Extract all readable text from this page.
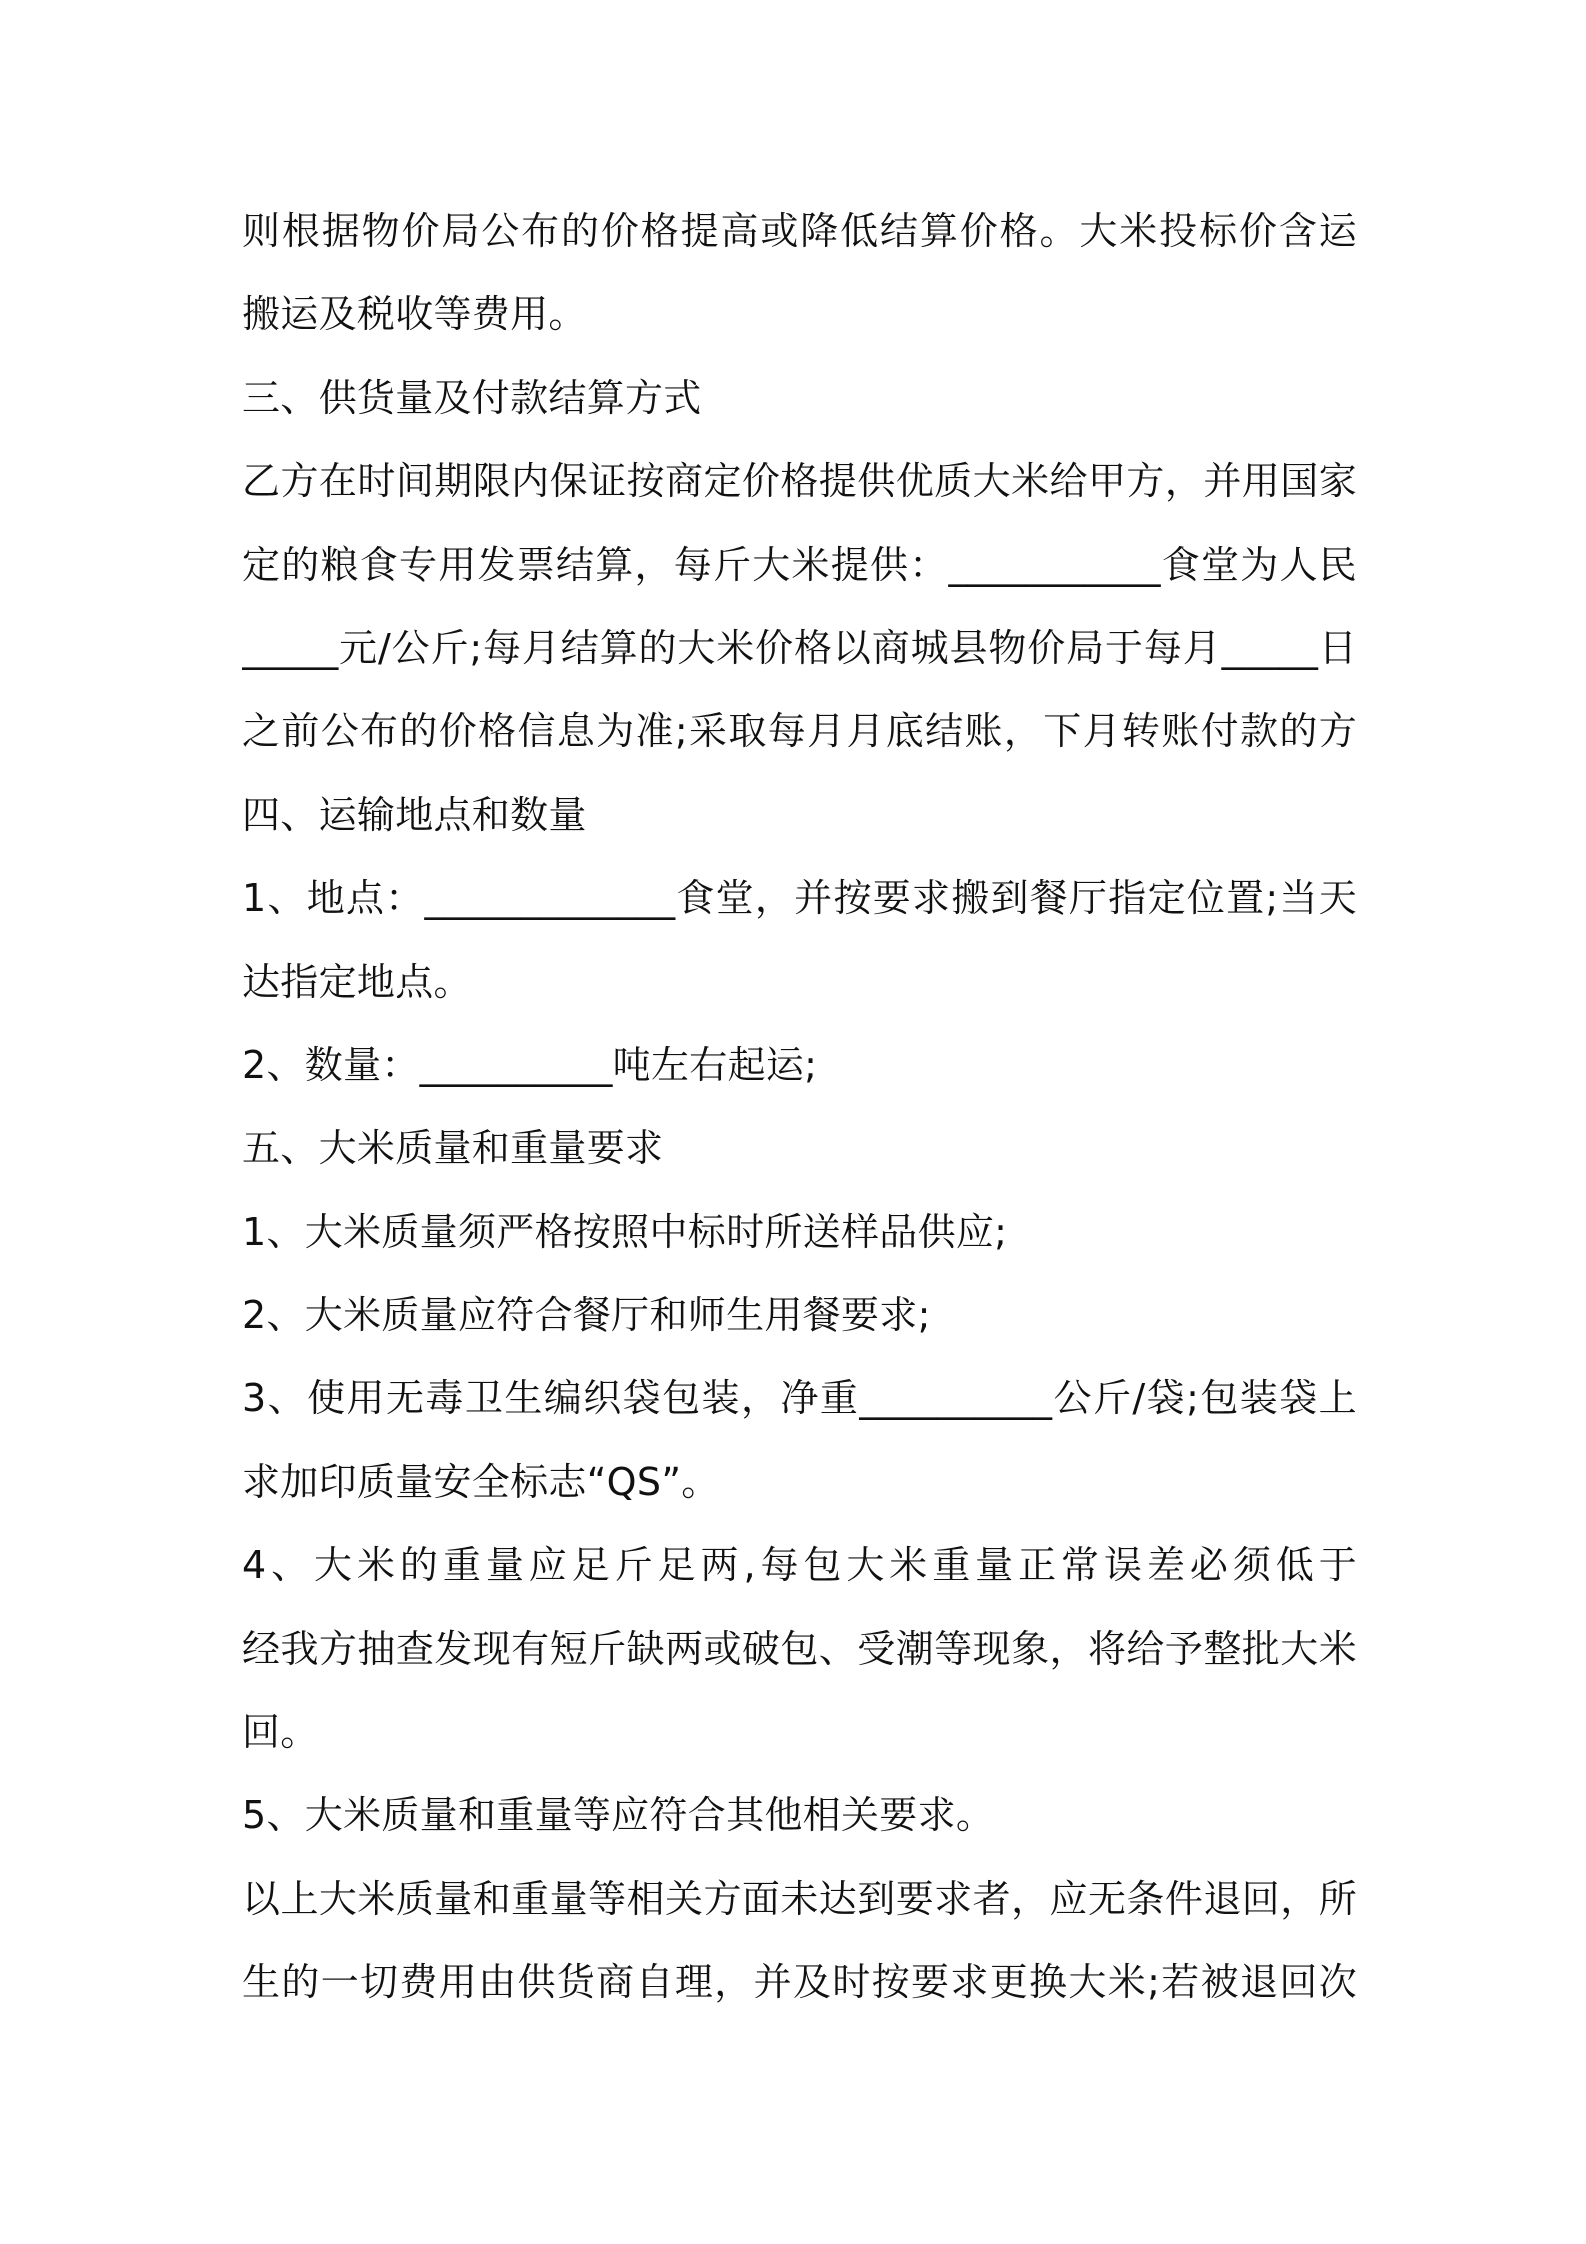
则根据物价局公布的价格提高或降低结算价格。大米投标价含运
搬运及税收等费用。
三、供货量及付款结算方式
乙方在时间期限内保证按商定价格提供优质大米给甲方，并用国家
定的粮食专用发票结算，每斤大米提供：___________食堂为人民
_____元/公斤;每月结算的大米价格以商城县物价局于每月_____日
之前公布的价格信息为准;采取每月月底结账，下月转账付款的方
四、运输地点和数量
1、地点：_____________食堂，并按要求搬到餐厅指定位置;当天
达指定地点。
2、数量：__________吨左右起运;
五、大米质量和重量要求
1、大米质量须严格按照中标时所送样品供应;
2、大米质量应符合餐厅和师生用餐要求;
3、使用无毒卫生编织袋包装，净重__________公斤/袋;包装袋上
求加印质量安全标志“QS”。
4、大米的重量应足斤足两,每包大米重量正常误差必须低于
经我方抽查发现有短斤缺两或破包、受潮等现象，将给予整批大米
回。
5、大米质量和重量等应符合其他相关要求。
以上大米质量和重量等相关方面未达到要求者，应无条件退回，所
生的一切费用由供货商自理，并及时按要求更换大米;若被退回次
